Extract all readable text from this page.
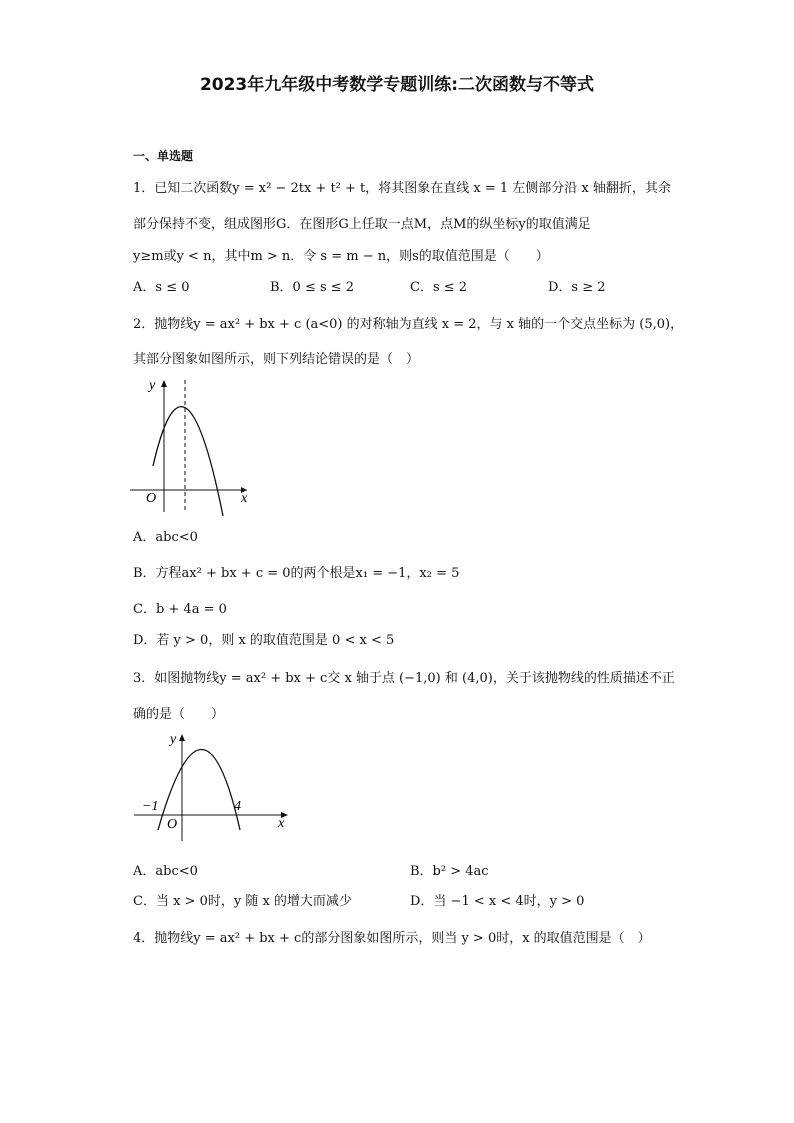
2023年九年级中考数学专题训练:二次函数与不等式
一、单选题
1．已知二次函数y = x² − 2tx + t² + t，将其图象在直线 x = 1 左侧部分沿 x 轴翻折，其余
部分保持不变，组成图形G．在图形G上任取一点M，点M的纵坐标y的取值满足
y≥m或y < n，其中m > n．令 s = m − n，则s的取值范围是（　　）
A．s ≤ 0	B．0 ≤ s ≤ 2	C．s ≤ 2	D．s ≥ 2
2．抛物线y = ax² + bx + c (a<0) 的对称轴为直线 x = 2，与 x 轴的一个交点坐标为 (5,0)，
其部分图象如图所示，则下列结论错误的是（　）
y
O	x
A．abc<0
B．方程ax² + bx + c = 0的两个根是x₁ = −1，x₂ = 5
C．b + 4a = 0
D．若 y > 0，则 x 的取值范围是 0 < x < 5
3．如图抛物线y = ax² + bx + c交 x 轴于点 (−1,0) 和 (4,0)，关于该抛物线的性质描述不正
确的是（　　）
y
−1	4
O	x
A．abc<0	B．b² > 4ac
C．当 x > 0时，y 随 x 的增大而减少	D．当 −1 < x < 4时，y > 0
4．抛物线y = ax² + bx + c的部分图象如图所示，则当 y > 0时，x 的取值范围是（　）
